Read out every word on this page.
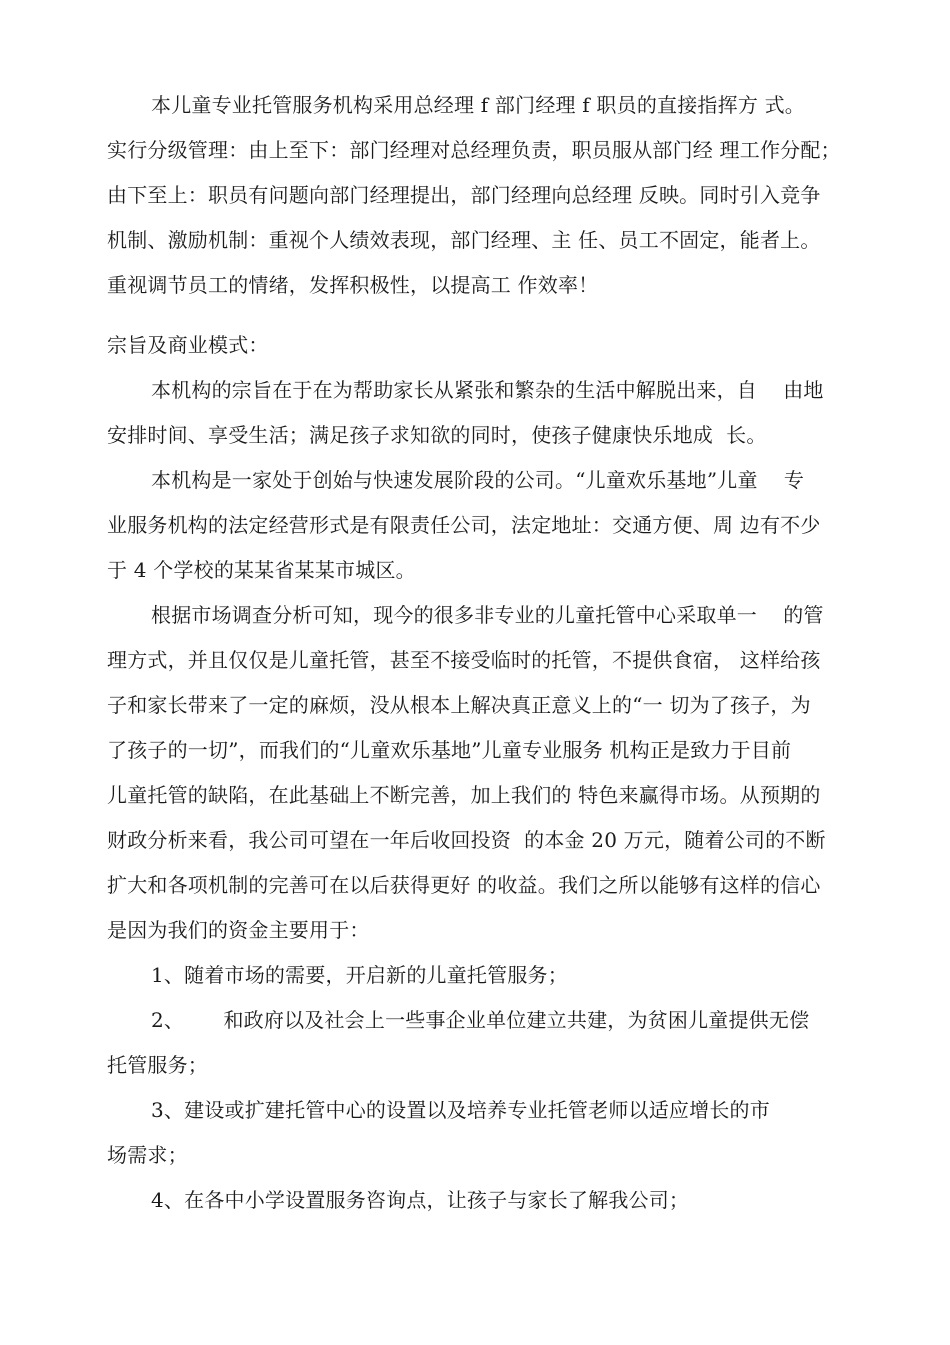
本儿童专业托管服务机构采用总经理 f 部门经理 f 职员的直接指挥方 式。
实行分级管理：由上至下：部门经理对总经理负责，职员服从部门经 理工作分配；
由下至上：职员有问题向部门经理提出，部门经理向总经理 反映。同时引入竞争
机制、激励机制：重视个人绩效表现，部门经理、主 任、员工不固定，能者上。
重视调节员工的情绪，发挥积极性，以提高工 作效率！
宗旨及商业模式：
本机构的宗旨在于在为帮助家长从紧张和繁杂的生活中解脱出来，自    由地
安排时间、享受生活；满足孩子求知欲的同时，使孩子健康快乐地成  长。
本机构是一家处于创始与快速发展阶段的公司。“儿童欢乐基地”儿童    专
业服务机构的法定经营形式是有限责任公司，法定地址：交通方便、周 边有不少
于 4 个学校的某某省某某市城区。
根据市场调查分析可知，现今的很多非专业的儿童托管中心采取单一    的管
理方式，并且仅仅是儿童托管，甚至不接受临时的托管，不提供食宿， 这样给孩
子和家长带来了一定的麻烦，没从根本上解决真正意义上的“一 切为了孩子，为
了孩子的一切”，而我们的“儿童欢乐基地”儿童专业服务 机构正是致力于目前
儿童托管的缺陷，在此基础上不断完善，加上我们的 特色来赢得市场。从预期的
财政分析来看，我公司可望在一年后收回投资  的本金 20 万元，随着公司的不断
扩大和各项机制的完善可在以后获得更好 的收益。我们之所以能够有这样的信心
是因为我们的资金主要用于：
1、随着市场的需要，开启新的儿童托管服务；
2、      和政府以及社会上一些事企业单位建立共建，为贫困儿童提供无偿
托管服务；
3、建设或扩建托管中心的设置以及培养专业托管老师以适应增长的市
场需求；
4、在各中小学设置服务咨询点，让孩子与家长了解我公司；
